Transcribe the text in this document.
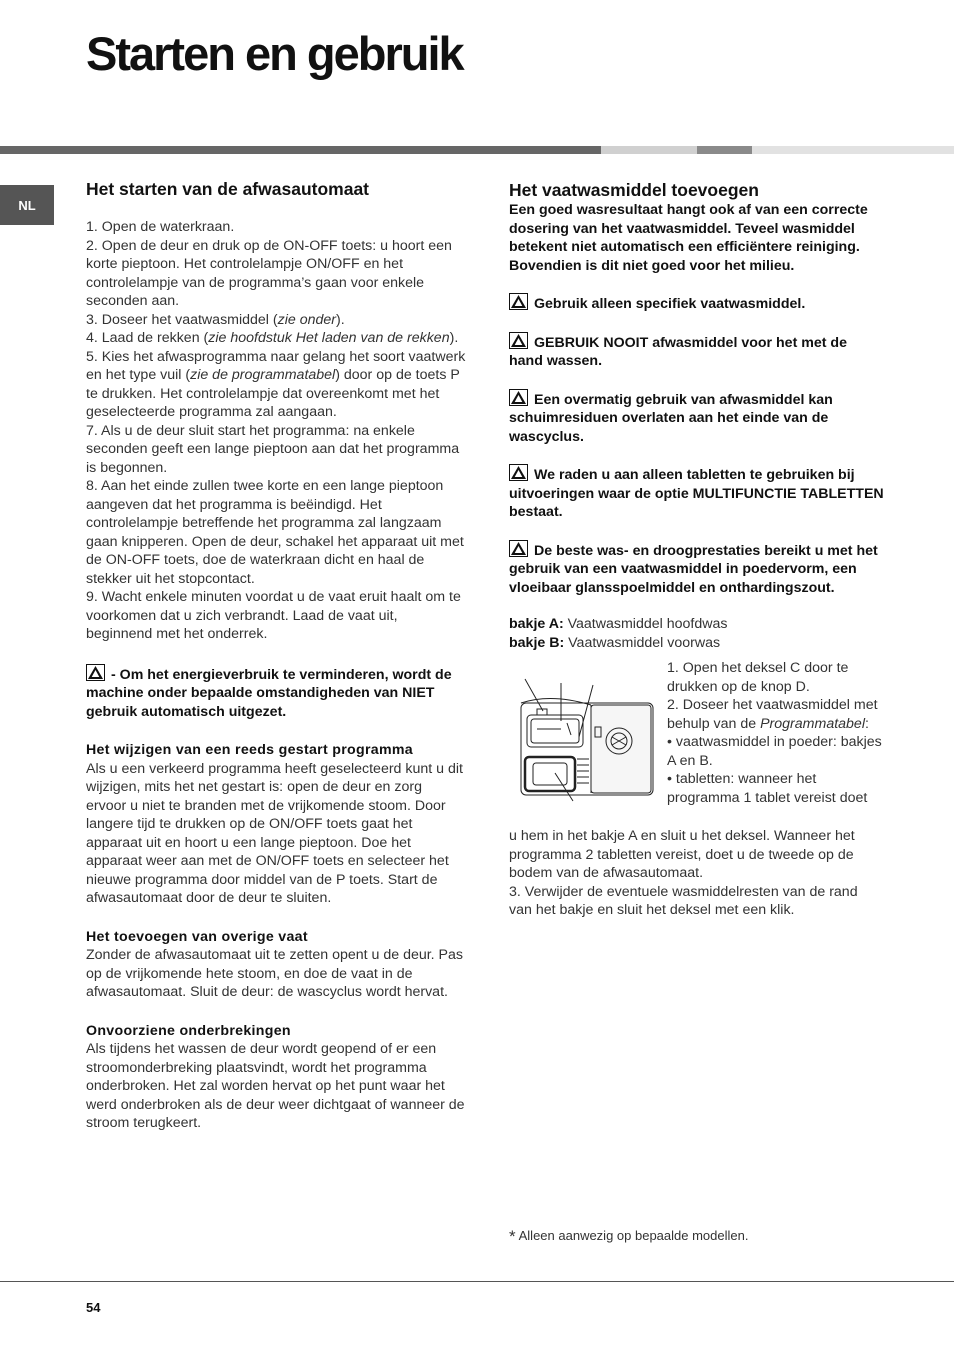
Starten en gebruik
NL

Het starten van de afwasautomaat

1. Open de waterkraan.

2. Open de deur en druk op de ON-OFF toets: u hoort een korte pieptoon. Het controlelampje ON/OFF en het controlelampje van de programma’s gaan voor enkele seconden aan.

3. Doseer het vaatwasmiddel (zie onder).

4. Laad de rekken (zie hoofdstuk Het laden van de rekken).

5. Kies het afwasprogramma naar gelang het soort vaatwerk en het type vuil (zie de programmatabel) door op de toets P te drukken. Het controlelampje dat overeenkomt met het geselecteerde programma zal aangaan.

7. Als u de deur sluit start het programma: na enkele seconden geeft een lange pieptoon aan dat het programma is begonnen.

8. Aan het einde zullen twee korte en een lange pieptoon aangeven dat het programma is beëindigd. Het controlelampje betreffende het programma zal langzaam gaan knipperen. Open de deur, schakel het apparaat uit met de ON-OFF toets, doe de waterkraan dicht en haal de stekker uit het stopcontact.

9. Wacht enkele minuten voordat u de vaat eruit haalt om te voorkomen dat u zich verbrandt. Laad de vaat uit, beginnend met het onderrek.

- Om het energieverbruik te verminderen, wordt de machine onder bepaalde omstandigheden van NIET gebruik automatisch uitgezet.

Het wijzigen van een reeds gestart programma

Als u een verkeerd programma heeft geselecteerd kunt u dit wijzigen, mits het net gestart is: open de deur en zorg ervoor u niet te branden met de vrijkomende stoom. Door langere tijd te drukken op de ON/OFF toets gaat het apparaat uit en hoort u een lange pieptoon. Doe het apparaat weer aan met de ON/OFF toets en selecteer het nieuwe programma door middel van de P toets. Start de afwasautomaat door de deur te sluiten.

Het toevoegen van overige vaat

Zonder de afwasautomaat uit te zetten opent u de deur. Pas op de vrijkomende hete stoom, en doe de vaat in de afwasautomaat. Sluit de deur: de wascyclus wordt hervat.

Onvoorziene onderbrekingen

Als tijdens het wassen de deur wordt geopend of er een stroomonderbreking plaatsvindt, wordt het programma onderbroken. Het zal worden hervat op het punt waar het werd onderbroken als de deur weer dichtgaat of wanneer de stroom terugkeert.

Het vaatwasmiddel toevoegen

Een goed wasresultaat hangt ook af van een correcte dosering van het vaatwasmiddel. Teveel wasmiddel betekent niet automatisch een efficiëntere reiniging. Bovendien is dit niet goed voor het milieu.

Gebruik alleen specifiek vaatwasmiddel.

GEBRUIK NOOIT afwasmiddel voor het met de hand wassen.

Een overmatig gebruik van afwasmiddel kan schuimresiduen overlaten aan het einde van de wascyclus.

We raden u aan alleen tabletten te gebruiken bij uitvoeringen waar de optie MULTIFUNCTIE TABLETTEN bestaat.

De beste was- en droogprestaties bereikt u met het gebruik van een vaatwasmiddel in poedervorm, een vloeibaar glansspoelmiddel en onthardingszout.

bakje A: Vaatwasmiddel hoofdwas

bakje B: Vaatwasmiddel voorwas

1. Open het deksel C door te drukken op de knop D.

2. Doseer het vaatwasmiddel met behulp van de Programmatabel:

• vaatwasmiddel in poeder: bakjes A en B.

• tabletten: wanneer het programma 1 tablet vereist doet

u hem in het bakje A en sluit u het deksel. Wanneer het programma 2 tabletten vereist, doet u de tweede op de bodem van de afwasautomaat.

3. Verwijder de eventuele wasmiddelresten van de rand van het bakje en sluit het deksel met een klik.

* Alleen aanwezig op bepaalde modellen.
54
